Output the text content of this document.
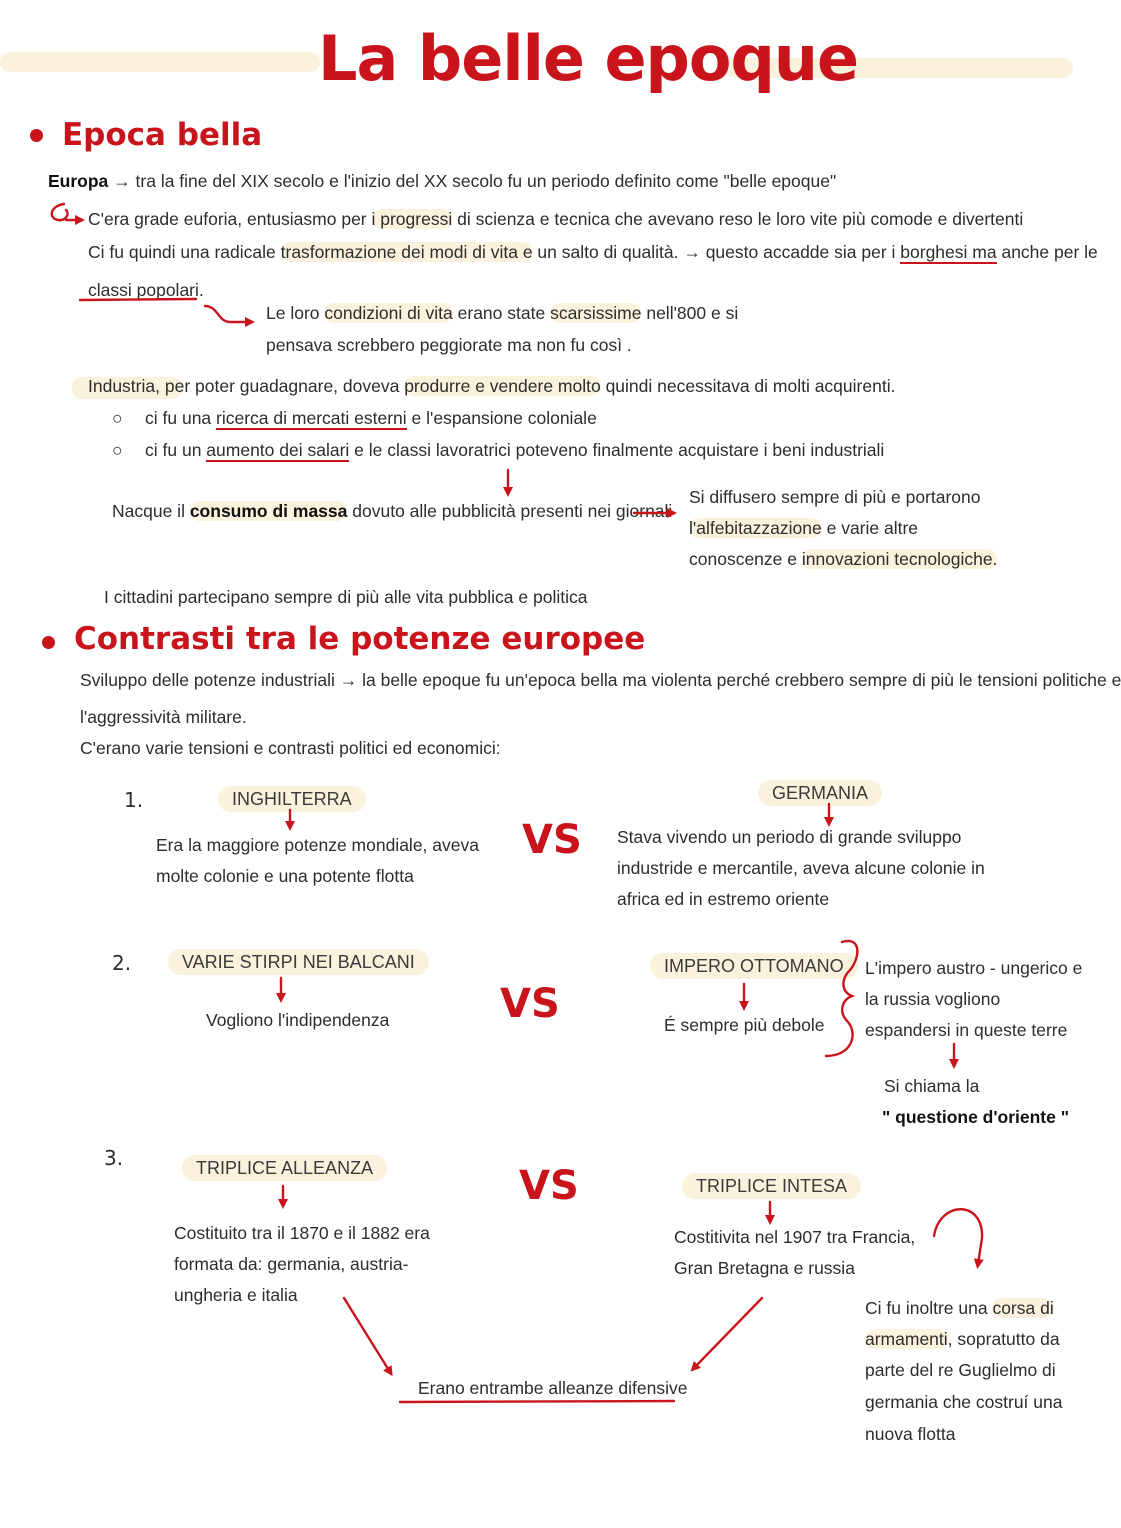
La belle epoque
Epoca bella
Europa → tra la fine del XIX secolo e l'inizio del XX secolo fu un periodo definito come "belle epoque"
C'era grade euforia, entusiasmo per i progressi di scienza e tecnica che avevano reso le loro vite più comode e divertenti
Ci fu quindi una radicale trasformazione dei modi di vita e un salto di qualità. → questo accadde sia per i borghesi ma anche per le
classi popolari.
Le loro condizioni di vita erano state scarsissime nell'800 e si
pensava screbbero peggiorate ma non fu così .
Industria, per poter guadagnare, doveva produrre e vendere molto quindi necessitava di molti acquirenti.
○ ci fu una ricerca di mercati esterni e l'espansione coloniale
○ ci fu un aumento dei salari e le classi lavoratrici poteveno finalmente acquistare i beni industriali
Nacque il consumo di massa dovuto alle pubblicità presenti nei giornali
Si diffusero sempre di più e portarono
l'alfebitazzazione e varie altre
conoscenze e innovazioni tecnologiche.
I cittadini partecipano sempre di più alle vita pubblica e politica
Contrasti tra le potenze europee
Sviluppo delle potenze industriali → la belle epoque fu un'epoca bella ma violenta perché crebbero sempre di più le tensioni politiche e
l'aggressività militare.
C'erano varie tensioni e contrasti politici ed economici:
1.	INGHILTERRA
Era la maggiore potenze mondiale, aveva
molte colonie e una potente flotta
VS
GERMANIA
Stava vivendo un periodo di grande sviluppo
industride e mercantile, aveva alcune colonie in
africa ed in estremo oriente
2.	VARIE STIRPI NEI BALCANI
Vogliono l'indipendenza	VS
IMPERO OTTOMANO
É sempre più debole
L'impero austro - ungerico e
la russia vogliono
espandersi in queste terre
Si chiama la
" questione d'oriente "
3.	TRIPLICE ALLEANZA
Costituito tra il 1870 e il 1882 era
formata da: germania, austria-
ungheria e italia
VS	TRIPLICE INTESA
Costitivita nel 1907 tra Francia,
Gran Bretagna e russia
Erano entrambe alleanze difensive
Ci fu inoltre una corsa di
armamenti, sopratutto da
parte del re Guglielmo di
germania che costruí una
nuova flotta
